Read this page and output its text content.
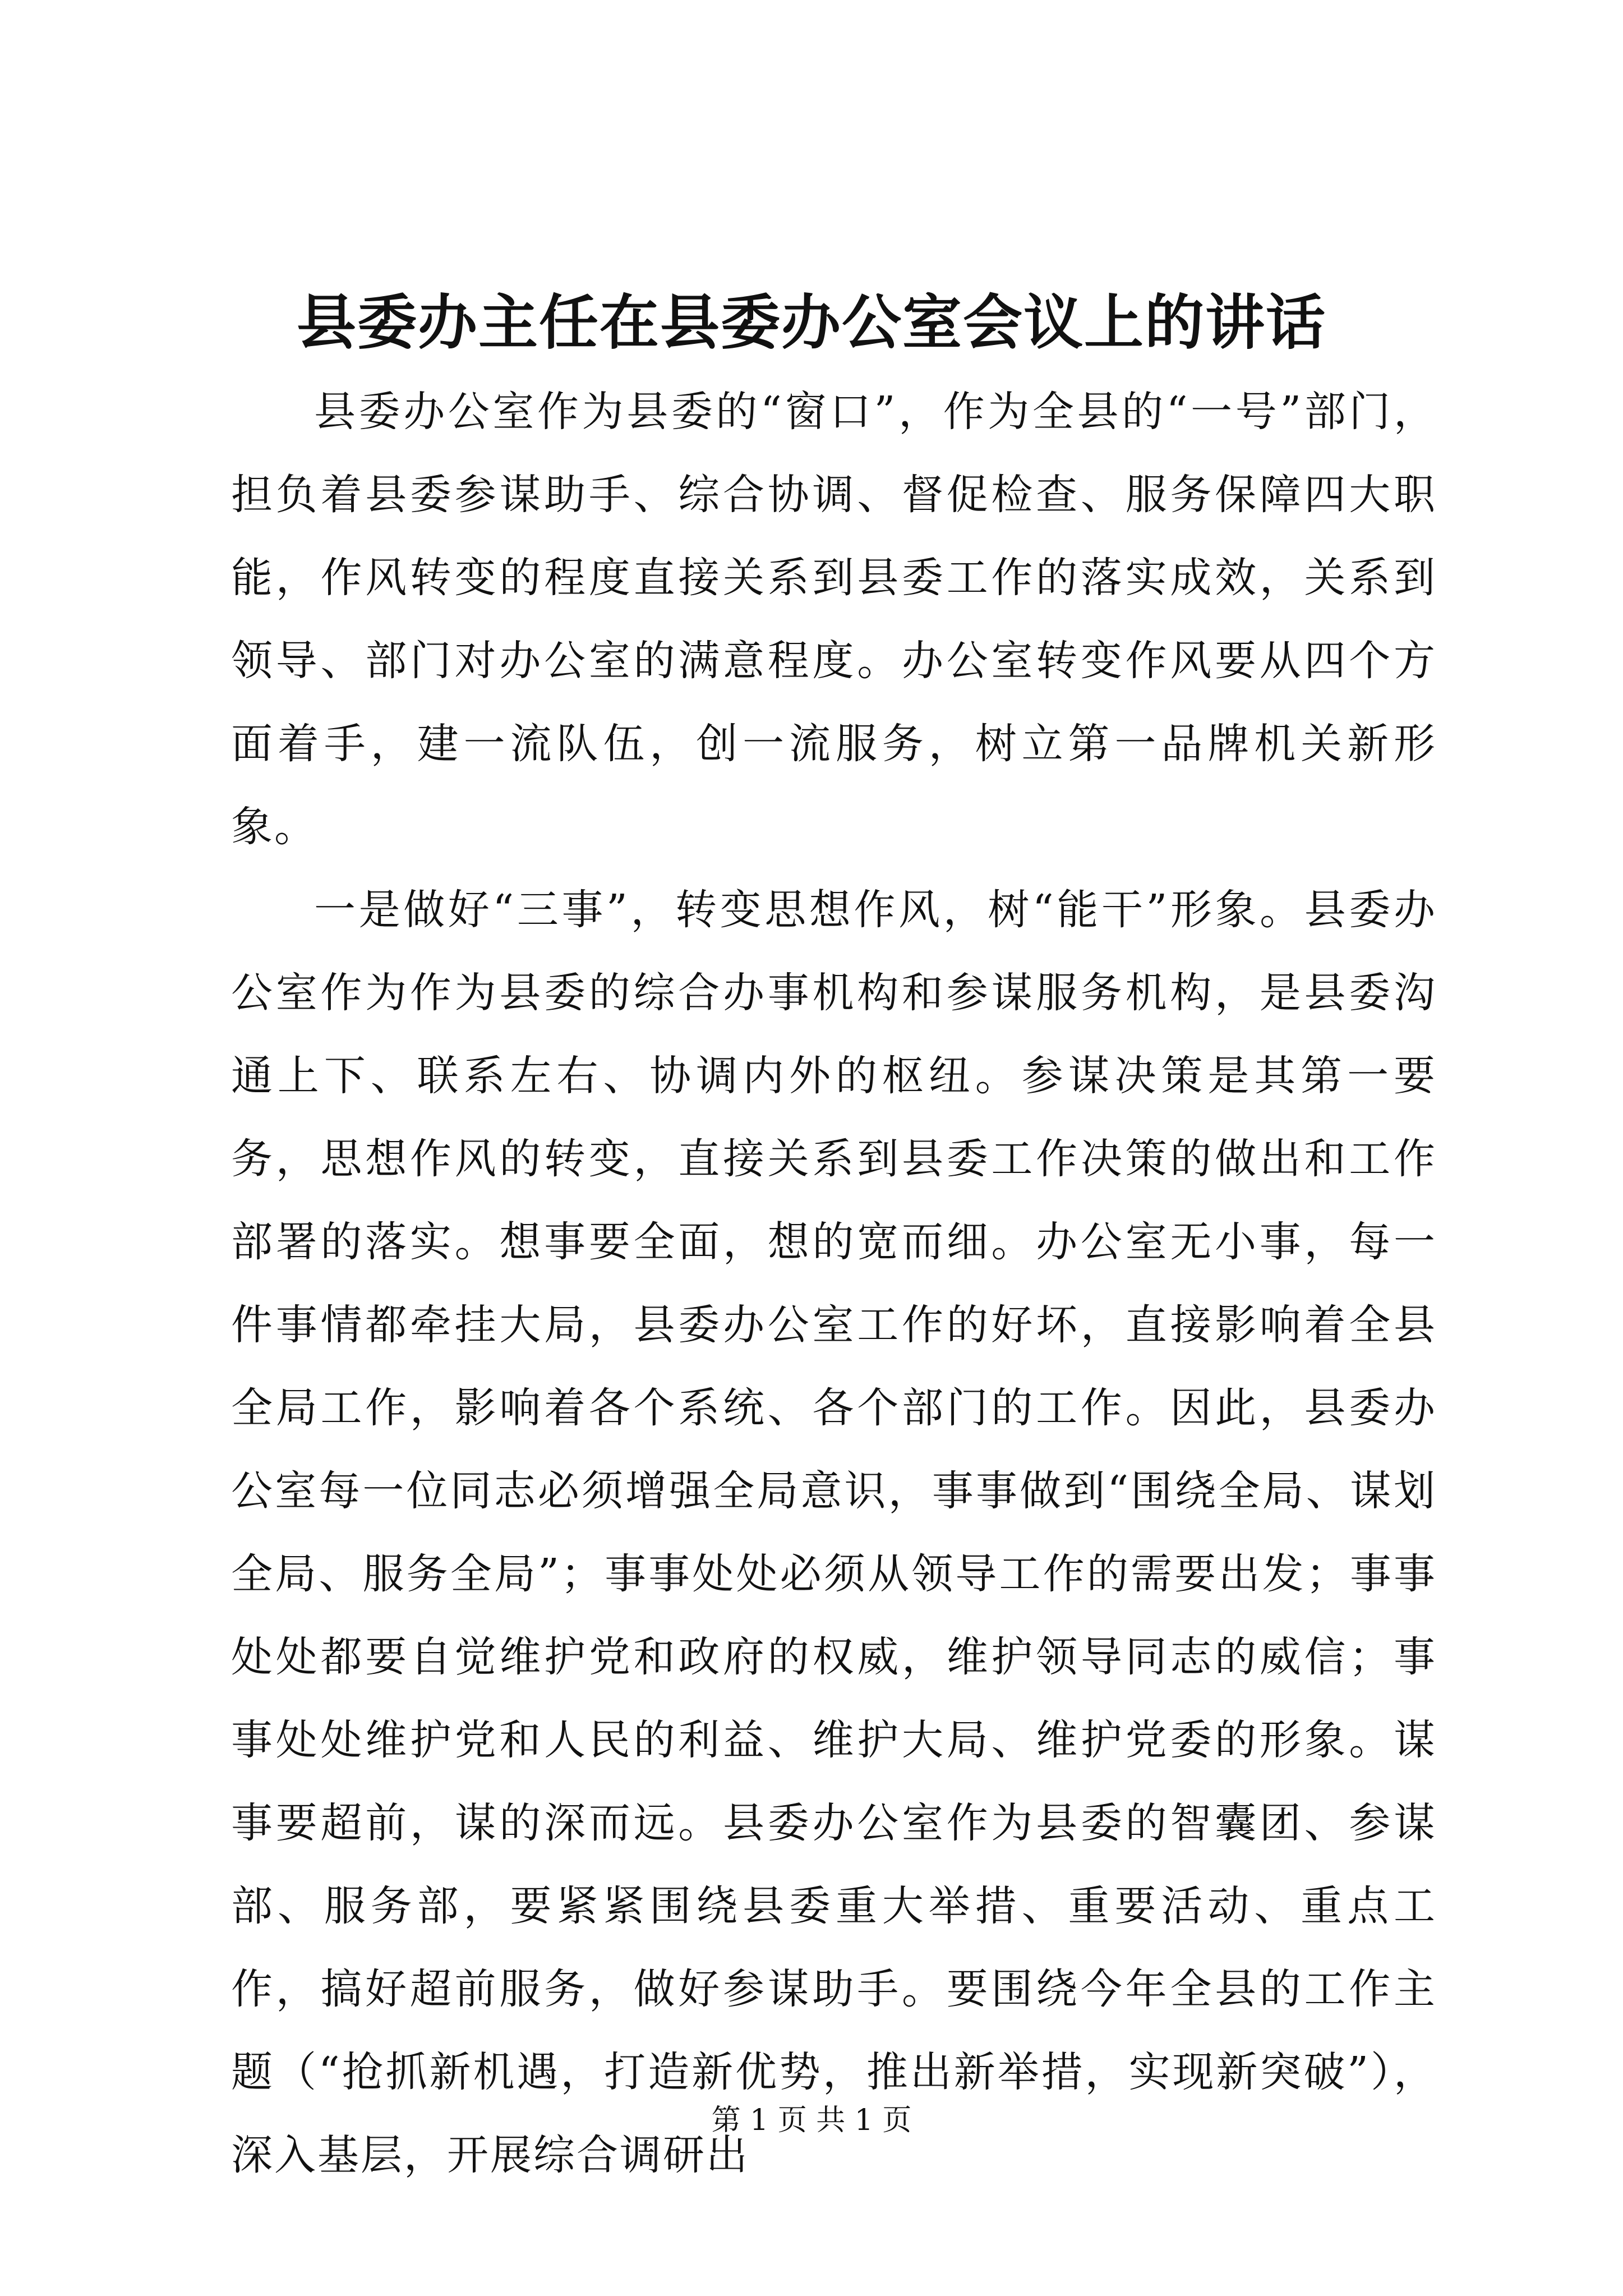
县委办主任在县委办公室会议上的讲话

县委办公室作为县委的“窗口”，作为全县的“一号”部门，担负着县委参谋助手、综合协调、督促检查、服务保障四大职能，作风转变的程度直接关系到县委工作的落实成效，关系到领导、部门对办公室的满意程度。办公室转变作风要从四个方面着手，建一流队伍，创一流服务，树立第一品牌机关新形象。

一是做好“三事”，转变思想作风，树“能干”形象。县委办公室作为作为县委的综合办事机构和参谋服务机构，是县委沟通上下、联系左右、协调内外的枢纽。参谋决策是其第一要务，思想作风的转变，直接关系到县委工作决策的做出和工作部署的落实。想事要全面，想的宽而细。办公室无小事，每一件事情都牵挂大局，县委办公室工作的好坏，直接影响着全县全局工作，影响着各个系统、各个部门的工作。因此，县委办公室每一位同志必须增强全局意识，事事做到“围绕全局、谋划全局、服务全局”；事事处处必须从领导工作的需要出发；事事处处都要自觉维护党和政府的权威，维护领导同志的威信；事事处处维护党和人民的利益、维护大局、维护党委的形象。谋事要超前，谋的深而远。县委办公室作为县委的智囊团、参谋部、服务部，要紧紧围绕县委重大举措、重要活动、重点工作，搞好超前服务，做好参谋助手。要围绕今年全县的工作主题（“抢抓新机遇，打造新优势，推出新举措，实现新突破”），深入基层，开展综合调研出

第 1 页 共 1 页
